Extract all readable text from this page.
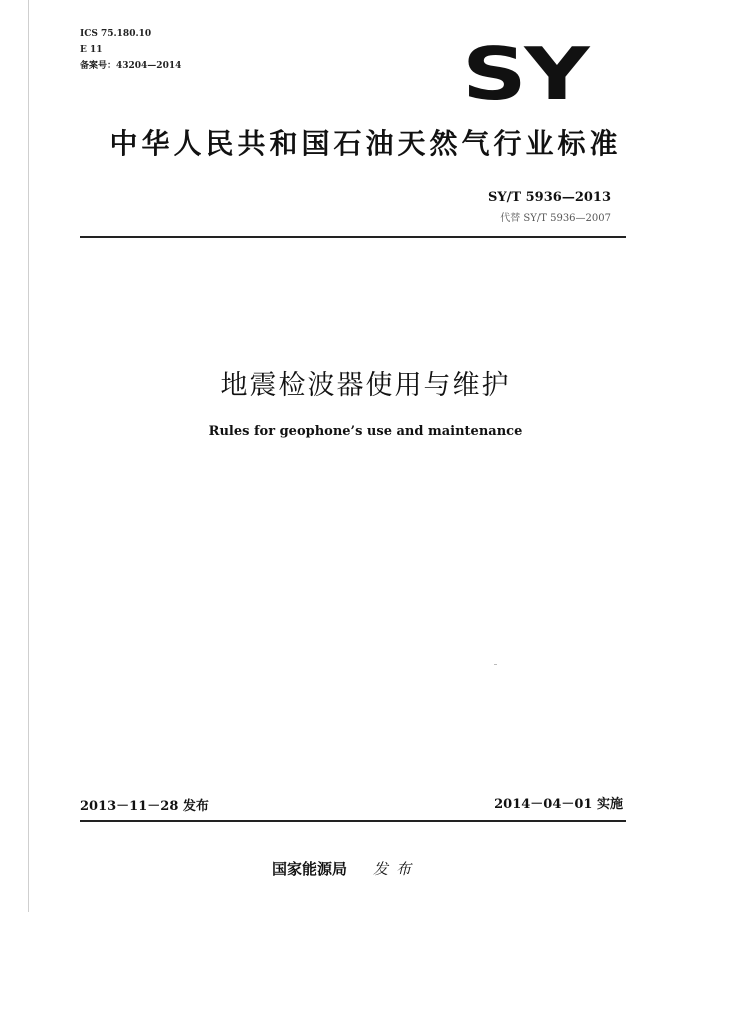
ICS 75.180.10
E 11
备案号：43204—2014	SY
中华人民共和国石油天然气行业标准
SY/T 5936—2013
代替 SY/T 5936—2007
地震检波器使用与维护
Rules for geophone’s use and maintenance
2013－11－28 发布	2014－04－01 实施
国家能源局 发布
